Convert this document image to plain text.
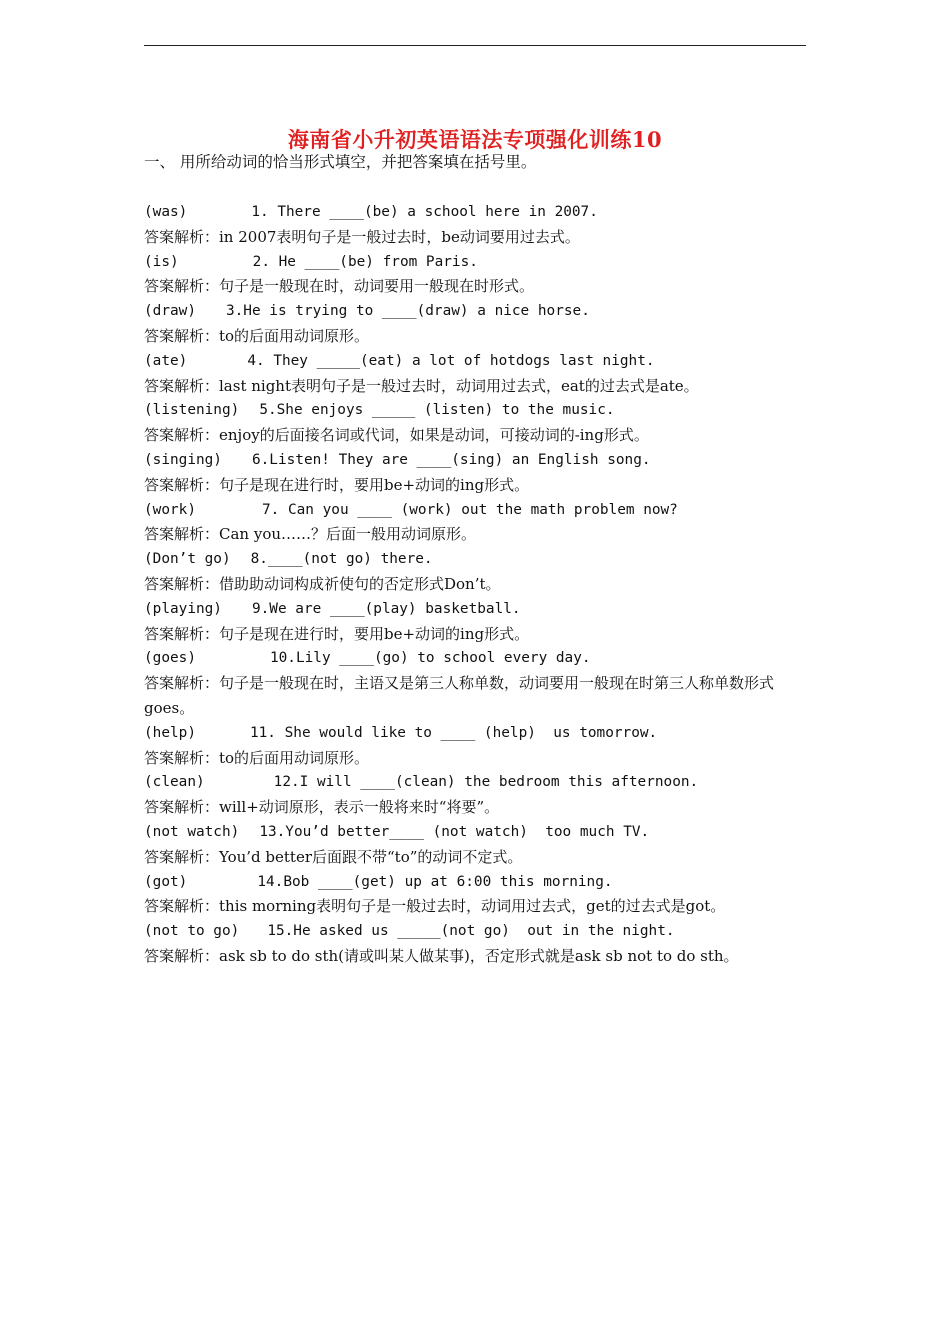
海南省小升初英语语法专项强化训练10
一、 用所给动词的恰当形式填空，并把答案填在括号里。
(was)	1. There ____(be) a school here in 2007.
答案解析：in 2007表明句子是一般过去时，be动词要用过去式。
(is)	2. He ____(be) from Paris.
答案解析：句子是一般现在时，动词要用一般现在时形式。
(draw) 3.He is trying to ____(draw) a nice horse.
答案解析：to的后面用动词原形。
(ate)	4. They _____(eat) a lot of hotdogs last night.
答案解析：last night表明句子是一般过去时，动词用过去式，eat的过去式是ate。
(listening) 5.She enjoys _____ (listen) to the music.
答案解析：enjoy的后面接名词或代词，如果是动词，可接动词的-ing形式。
(singing) 6.Listen! They are ____(sing) an English song.
答案解析：句子是现在进行时，要用be+动词的ing形式。
(work)	7. Can you ____ (work) out the math problem now?
答案解析：Can you……？后面一般用动词原形。
(Don’t go) 8.____(not go) there.
答案解析：借助助动词构成祈使句的否定形式Don’t。
(playing) 9.We are ____(play) basketball.
答案解析：句子是现在进行时，要用be+动词的ing形式。
(goes)	10.Lily ____(go) to school every day.
答案解析：句子是一般现在时，主语又是第三人称单数，动词要用一般现在时第三人称单数形式goes。
(help)	11. She would like to ____ (help)  us tomorrow.
答案解析：to的后面用动词原形。
(clean)	12.I will ____(clean) the bedroom this afternoon.
答案解析：will+动词原形，表示一般将来时“将要”。
(not watch) 13.You’d better____ (not watch)  too much TV.
答案解析：You’d better后面跟不带“to”的动词不定式。
(got)	14.Bob ____(get) up at 6:00 this morning.
答案解析：this morning表明句子是一般过去时，动词用过去式，get的过去式是got。
(not to go) 15.He asked us _____(not go)  out in the night.
答案解析：ask sb to do sth(请或叫某人做某事)，否定形式就是ask sb not to do sth。
